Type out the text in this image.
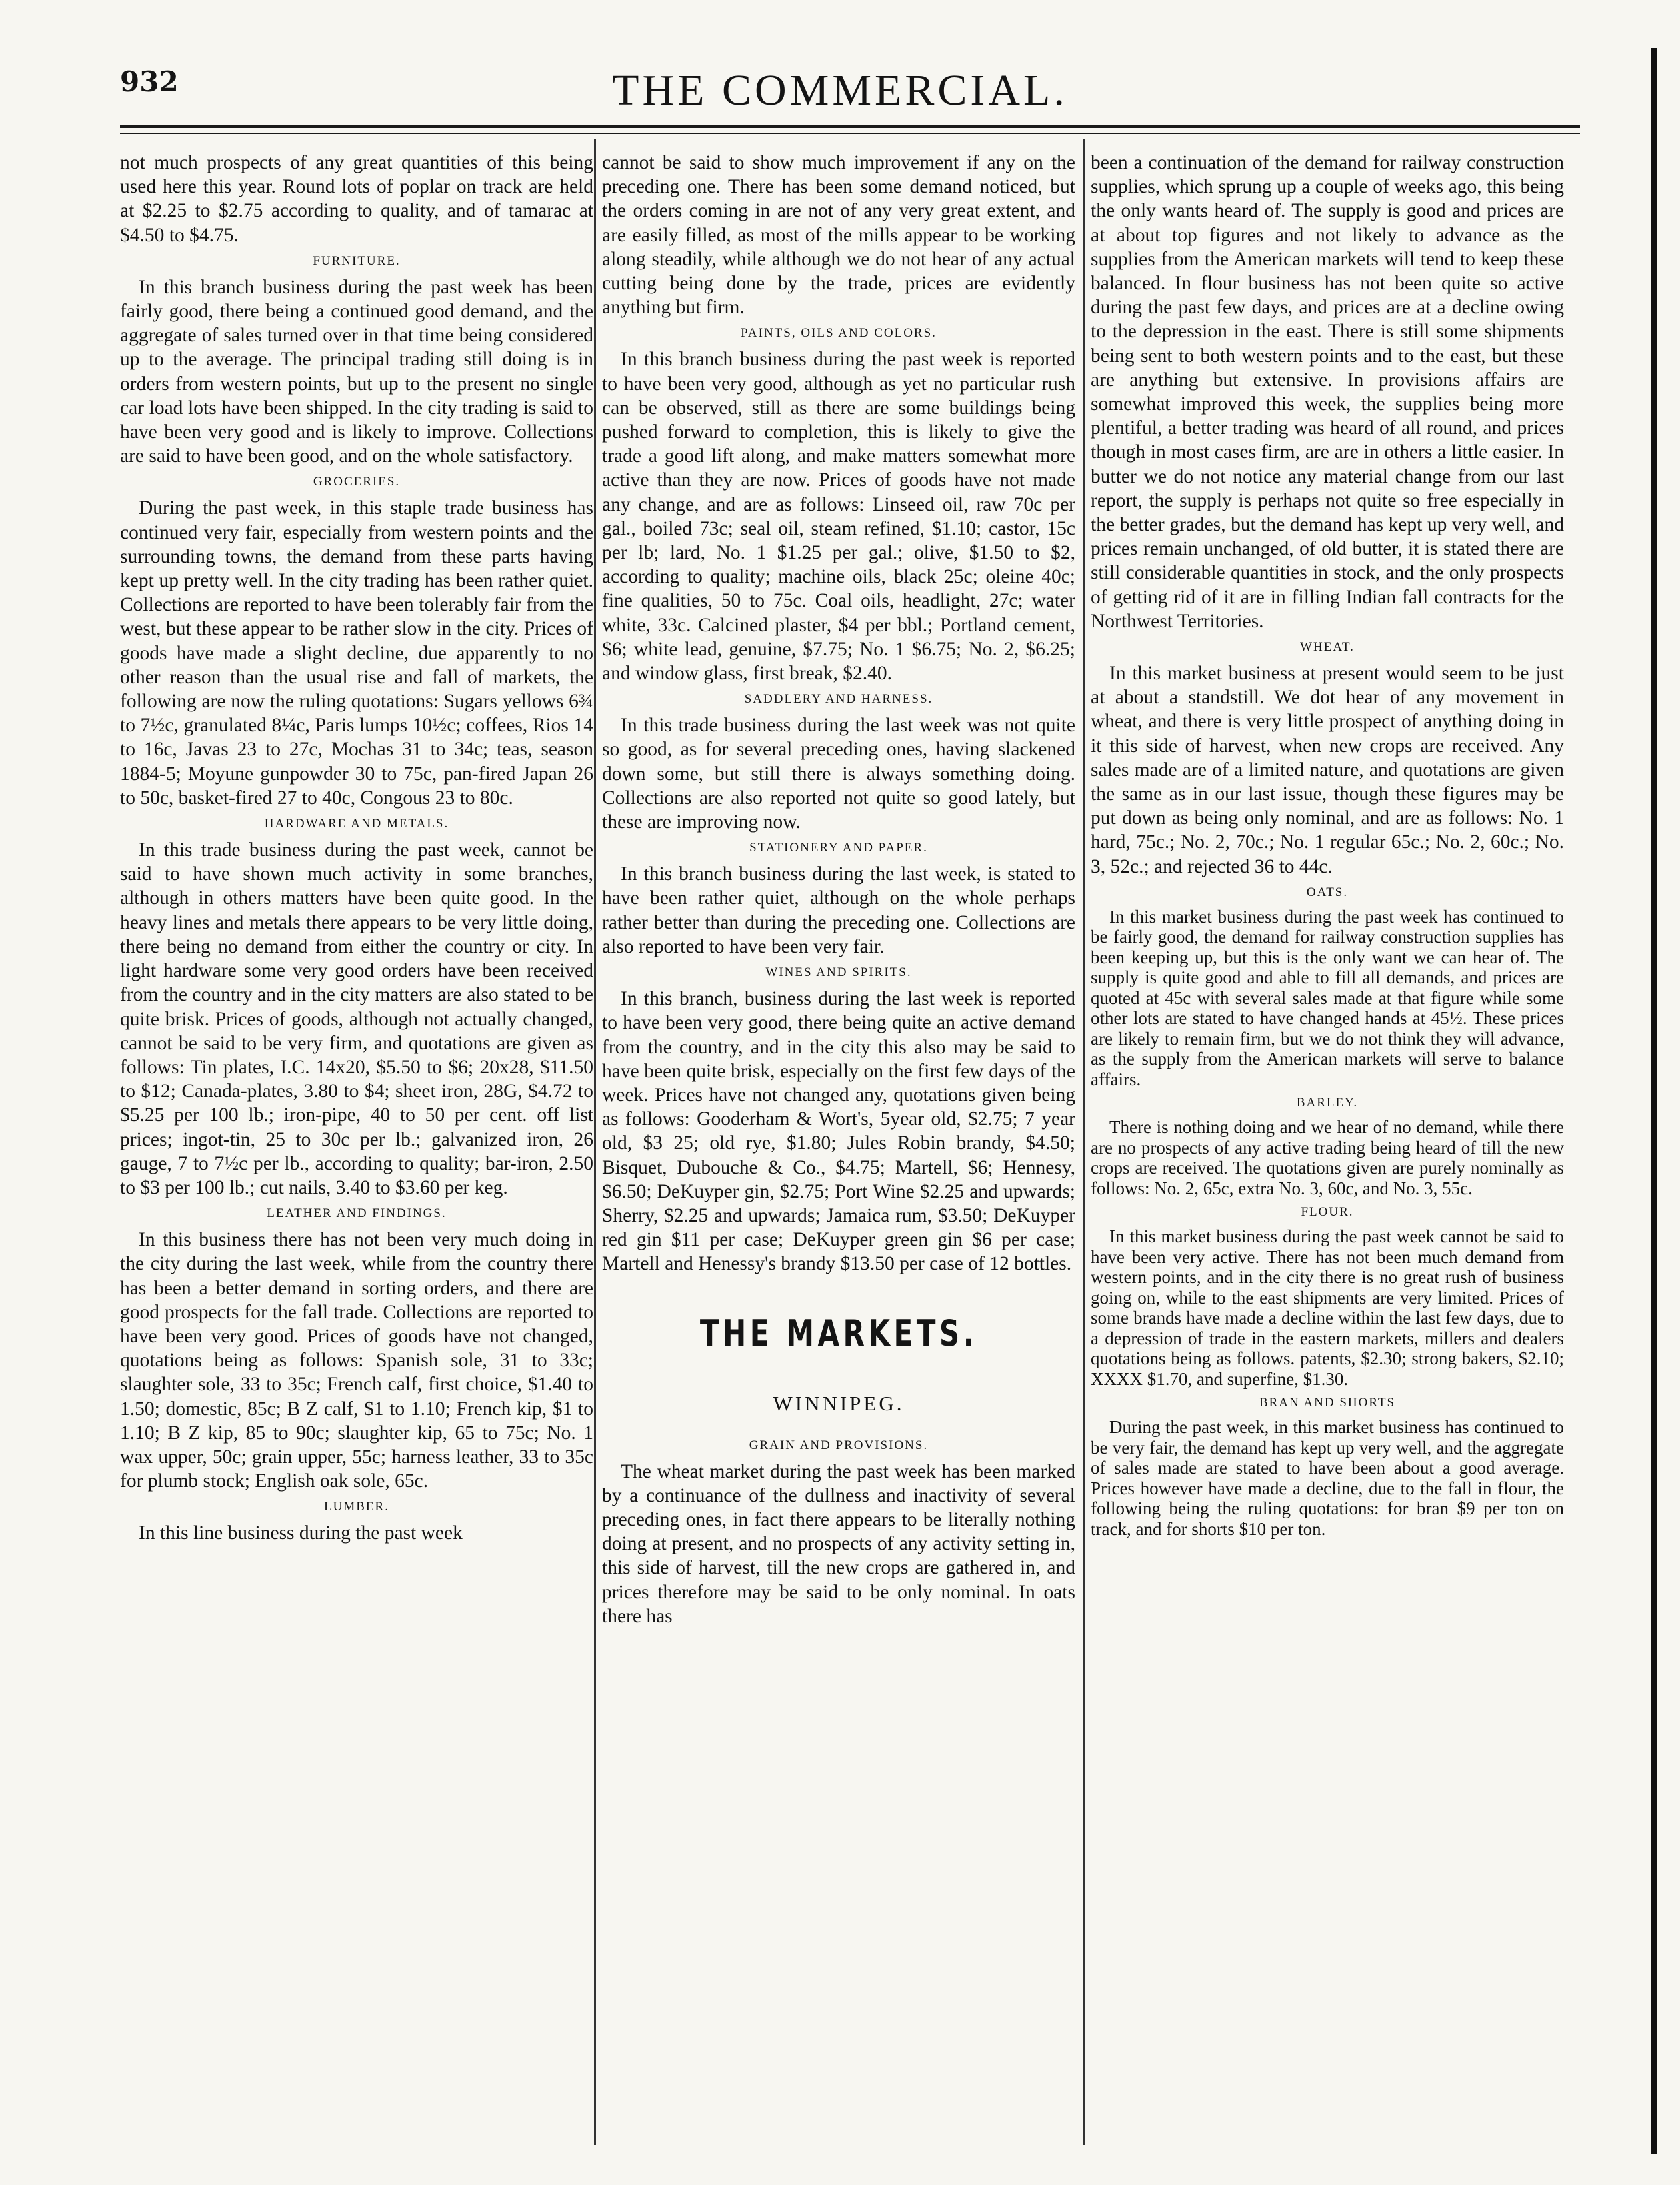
932	THE COMMERCIAL.

not much prospects of any great quantities of this being used here this year. Round lots of poplar on track are held at $2.25 to $2.75 according to quality, and of tamarac at $4.50 to $4.75.

FURNITURE.

In this branch business during the past week has been fairly good, there being a continued good demand, and the aggregate of sales turned over in that time being considered up to the average. The principal trading still doing is in orders from western points, but up to the present no single car load lots have been shipped. In the city trading is said to have been very good and is likely to improve. Collections are said to have been good, and on the whole satisfactory.

GROCERIES.

During the past week, in this staple trade business has continued very fair, especially from western points and the surrounding towns, the demand from these parts having kept up pretty well. In the city trading has been rather quiet. Collections are reported to have been tolerably fair from the west, but these appear to be rather slow in the city. Prices of goods have made a slight decline, due apparently to no other reason than the usual rise and fall of markets, the following are now the ruling quotations: Sugars yellows 6¾ to 7½c, granulated 8¼c, Paris lumps 10½c; coffees, Rios 14 to 16c, Javas 23 to 27c, Mochas 31 to 34c; teas, season 1884-5; Moyune gunpowder 30 to 75c, pan-fired Japan 26 to 50c, basket-fired 27 to 40c, Congous 23 to 80c.

HARDWARE AND METALS.

In this trade business during the past week, cannot be said to have shown much activity in some branches, although in others matters have been quite good. In the heavy lines and metals there appears to be very little doing, there being no demand from either the country or city. In light hardware some very good orders have been received from the country and in the city matters are also stated to be quite brisk. Prices of goods, although not actually changed, cannot be said to be very firm, and quotations are given as follows: Tin plates, I.C. 14x20, $5.50 to $6; 20x28, $11.50 to $12; Canada-plates, 3.80 to $4; sheet iron, 28G, $4.72 to $5.25 per 100 lb.; iron-pipe, 40 to 50 per cent. off list prices; ingot-tin, 25 to 30c per lb.; galvanized iron, 26 gauge, 7 to 7½c per lb., according to quality; bar-iron, 2.50 to $3 per 100 lb.; cut nails, 3.40 to $3.60 per keg.

LEATHER AND FINDINGS.

In this business there has not been very much doing in the city during the last week, while from the country there has been a better demand in sorting orders, and there are good prospects for the fall trade. Collections are reported to have been very good. Prices of goods have not changed, quotations being as follows: Spanish sole, 31 to 33c; slaughter sole, 33 to 35c; French calf, first choice, $1.40 to 1.50; domestic, 85c; B Z calf, $1 to 1.10; French kip, $1 to 1.10; B Z kip, 85 to 90c; slaughter kip, 65 to 75c; No. 1 wax upper, 50c; grain upper, 55c; harness leather, 33 to 35c for plumb stock; English oak sole, 65c.

LUMBER.

In this line business during the past week

cannot be said to show much improvement if any on the preceding one. There has been some demand noticed, but the orders coming in are not of any very great extent, and are easily filled, as most of the mills appear to be working along steadily, while although we do not hear of any actual cutting being done by the trade, prices are evidently anything but firm.

PAINTS, OILS AND COLORS.

In this branch business during the past week is reported to have been very good, although as yet no particular rush can be observed, still as there are some buildings being pushed forward to completion, this is likely to give the trade a good lift along, and make matters somewhat more active than they are now. Prices of goods have not made any change, and are as follows: Linseed oil, raw 70c per gal., boiled 73c; seal oil, steam refined, $1.10; castor, 15c per lb; lard, No. 1 $1.25 per gal.; olive, $1.50 to $2, according to quality; machine oils, black 25c; oleine 40c; fine qualities, 50 to 75c. Coal oils, headlight, 27c; water white, 33c. Calcined plaster, $4 per bbl.; Portland cement, $6; white lead, genuine, $7.75; No. 1 $6.75; No. 2, $6.25; and window glass, first break, $2.40.

SADDLERY AND HARNESS.

In this trade business during the last week was not quite so good, as for several preceding ones, having slackened down some, but still there is always something doing. Collections are also reported not quite so good lately, but these are improving now.

STATIONERY AND PAPER.

In this branch business during the last week, is stated to have been rather quiet, although on the whole perhaps rather better than during the preceding one. Collections are also reported to have been very fair.

WINES AND SPIRITS.

In this branch, business during the last week is reported to have been very good, there being quite an active demand from the country, and in the city this also may be said to have been quite brisk, especially on the first few days of the week. Prices have not changed any, quotations given being as follows: Gooderham & Wort's, 5year old, $2.75; 7 year old, $3 25; old rye, $1.80; Jules Robin brandy, $4.50; Bisquet, Dubouche & Co., $4.75; Martell, $6; Hennesy, $6.50; DeKuyper gin, $2.75; Port Wine $2.25 and upwards; Sherry, $2.25 and upwards; Jamaica rum, $3.50; DeKuyper red gin $11 per case; DeKuyper green gin $6 per case; Martell and Henessy's brandy $13.50 per case of 12 bottles.

THE MARKETS.
WINNIPEG.
GRAIN AND PROVISIONS.

The wheat market during the past week has been marked by a continuance of the dullness and inactivity of several preceding ones, in fact there appears to be literally nothing doing at present, and no prospects of any activity setting in, this side of harvest, till the new crops are gathered in, and prices therefore may be said to be only nominal. In oats there has

been a continuation of the demand for railway construction supplies, which sprung up a couple of weeks ago, this being the only wants heard of. The supply is good and prices are at about top figures and not likely to advance as the supplies from the American markets will tend to keep these balanced. In flour business has not been quite so active during the past few days, and prices are at a decline owing to the depression in the east. There is still some shipments being sent to both western points and to the east, but these are anything but extensive. In provisions affairs are somewhat improved this week, the supplies being more plentiful, a better trading was heard of all round, and prices though in most cases firm, are are in others a little easier. In butter we do not notice any material change from our last report, the supply is perhaps not quite so free especially in the better grades, but the demand has kept up very well, and prices remain unchanged, of old butter, it is stated there are still considerable quantities in stock, and the only prospects of getting rid of it are in filling Indian fall contracts for the Northwest Territories.

WHEAT.

In this market business at present would seem to be just at about a standstill. We dot hear of any movement in wheat, and there is very little prospect of anything doing in it this side of harvest, when new crops are received. Any sales made are of a limited nature, and quotations are given the same as in our last issue, though these figures may be put down as being only nominal, and are as follows: No. 1 hard, 75c.; No. 2, 70c.; No. 1 regular 65c.; No. 2, 60c.; No. 3, 52c.; and rejected 36 to 44c.

OATS.

In this market business during the past week has continued to be fairly good, the demand for railway construction supplies has been keeping up, but this is the only want we can hear of. The supply is quite good and able to fill all demands, and prices are quoted at 45c with several sales made at that figure while some other lots are stated to have changed hands at 45½. These prices are likely to remain firm, but we do not think they will advance, as the supply from the American markets will serve to balance affairs.

BARLEY.

There is nothing doing and we hear of no demand, while there are no prospects of any active trading being heard of till the new crops are received. The quotations given are purely nominally as follows: No. 2, 65c, extra No. 3, 60c, and No. 3, 55c.

FLOUR.

In this market business during the past week cannot be said to have been very active. There has not been much demand from western points, and in the city there is no great rush of business going on, while to the east shipments are very limited. Prices of some brands have made a decline within the last few days, due to a depression of trade in the eastern markets, millers and dealers quotations being as follows. patents, $2.30; strong bakers, $2.10; XXXX $1.70, and superfine, $1.30.

BRAN AND SHORTS

During the past week, in this market business has continued to be very fair, the demand has kept up very well, and the aggregate of sales made are stated to have been about a good average. Prices however have made a decline, due to the fall in flour, the following being the ruling quotations: for bran $9 per ton on track, and for shorts $10 per ton.
